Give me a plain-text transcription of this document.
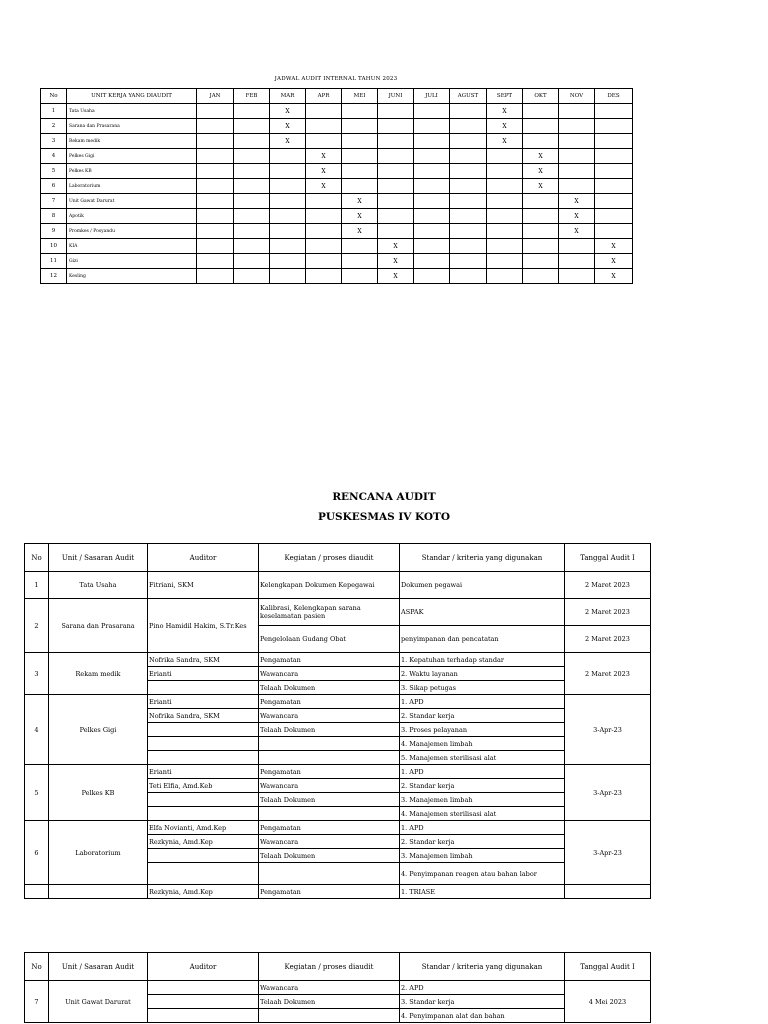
JADWAL AUDIT INTERNAL TAHUN 2023
No	UNIT KERJA YANG DIAUDIT	JAN	FEB	MAR	APR	MEI	JUNI	JULI	AGUST	SEPT	OKT	NOV	DES
1	Tata Usaha			X						X			
2	Sarana dan Prasarana			X						X			
3	Rekam medik			X						X			
4	Pelkes Gigi				X						X		
5	Pelkes KB				X						X		
6	Laboratorium				X						X		
7	Unit Gawat Darurat					X						X	
8	Apotik					X						X	
9	Promkes / Posyandu					X						X	
10	KIA						X						X
11	Gizi						X						X
12	Kesling						X						X
RENCANA AUDIT
PUSKESMAS IV KOTO
No	Unit / Sasaran Audit	Auditor	Kegiatan / proses diaudit	Standar / kriteria yang digunakan	Tanggal Audit I
1	Tata Usaha	Fitriani, SKM	Kelengkapan Dokumen Kepegawai	Dokumen pegawai	2 Maret 2023
2	Sarana dan Prasarana	Pino Hamidil Hakim, S.Tr.Kes	Kalibrasi, Kelengkapan sarana keselamatan pasien	ASPAK	2 Maret 2023
			Pengelolaan Gudang Obat	penyimpanan dan pencatatan	2 Maret 2023
3	Rekam medik	Nofrika Sandra, SKM	Pengamatan	1. Kepatuhan terhadap standar	2 Maret 2023
		Erianti	Wawancara	2. Waktu layanan	
			Telaah Dokumen	3. Sikap petugas	
4	Pelkes Gigi	Erianti	Pengamatan	1. APD	3-Apr-23
		Nofrika Sandra, SKM	Wawancara	2. Standar kerja	
			Telaah Dokumen	3. Proses pelayanan	
				4. Manajemen limbah	
				5. Manajemen sterilisasi alat	
5	Pelkes KB	Erianti	Pengamatan	1. APD	3-Apr-23
		Teti Elfia, Amd.Keb	Wawancara	2. Standar kerja	
			Telaah Dokumen	3. Manajemen limbah	
				4. Manajemen sterilisasi alat	
6	Laboratorium	Elfa Novianti, Amd.Kep	Pengamatan	1. APD	3-Apr-23
		Rezkynia, Amd.Kep	Wawancara	2. Standar kerja	
			Telaah Dokumen	3. Manajemen limbah	
				4. Penyimpanan reagen atau bahan labor	
		Rezkynia, Amd.Kep	Pengamatan	1. TRIASE	
No	Unit / Sasaran Audit	Auditor	Kegiatan / proses diaudit	Standar / kriteria yang digunakan	Tanggal Audit I
7	Unit Gawat Darurat		Wawancara	2. APD	4 Mei 2023
			Telaah Dokumen	3. Standar kerja	
				4. Penyimpanan alat dan bahan	
